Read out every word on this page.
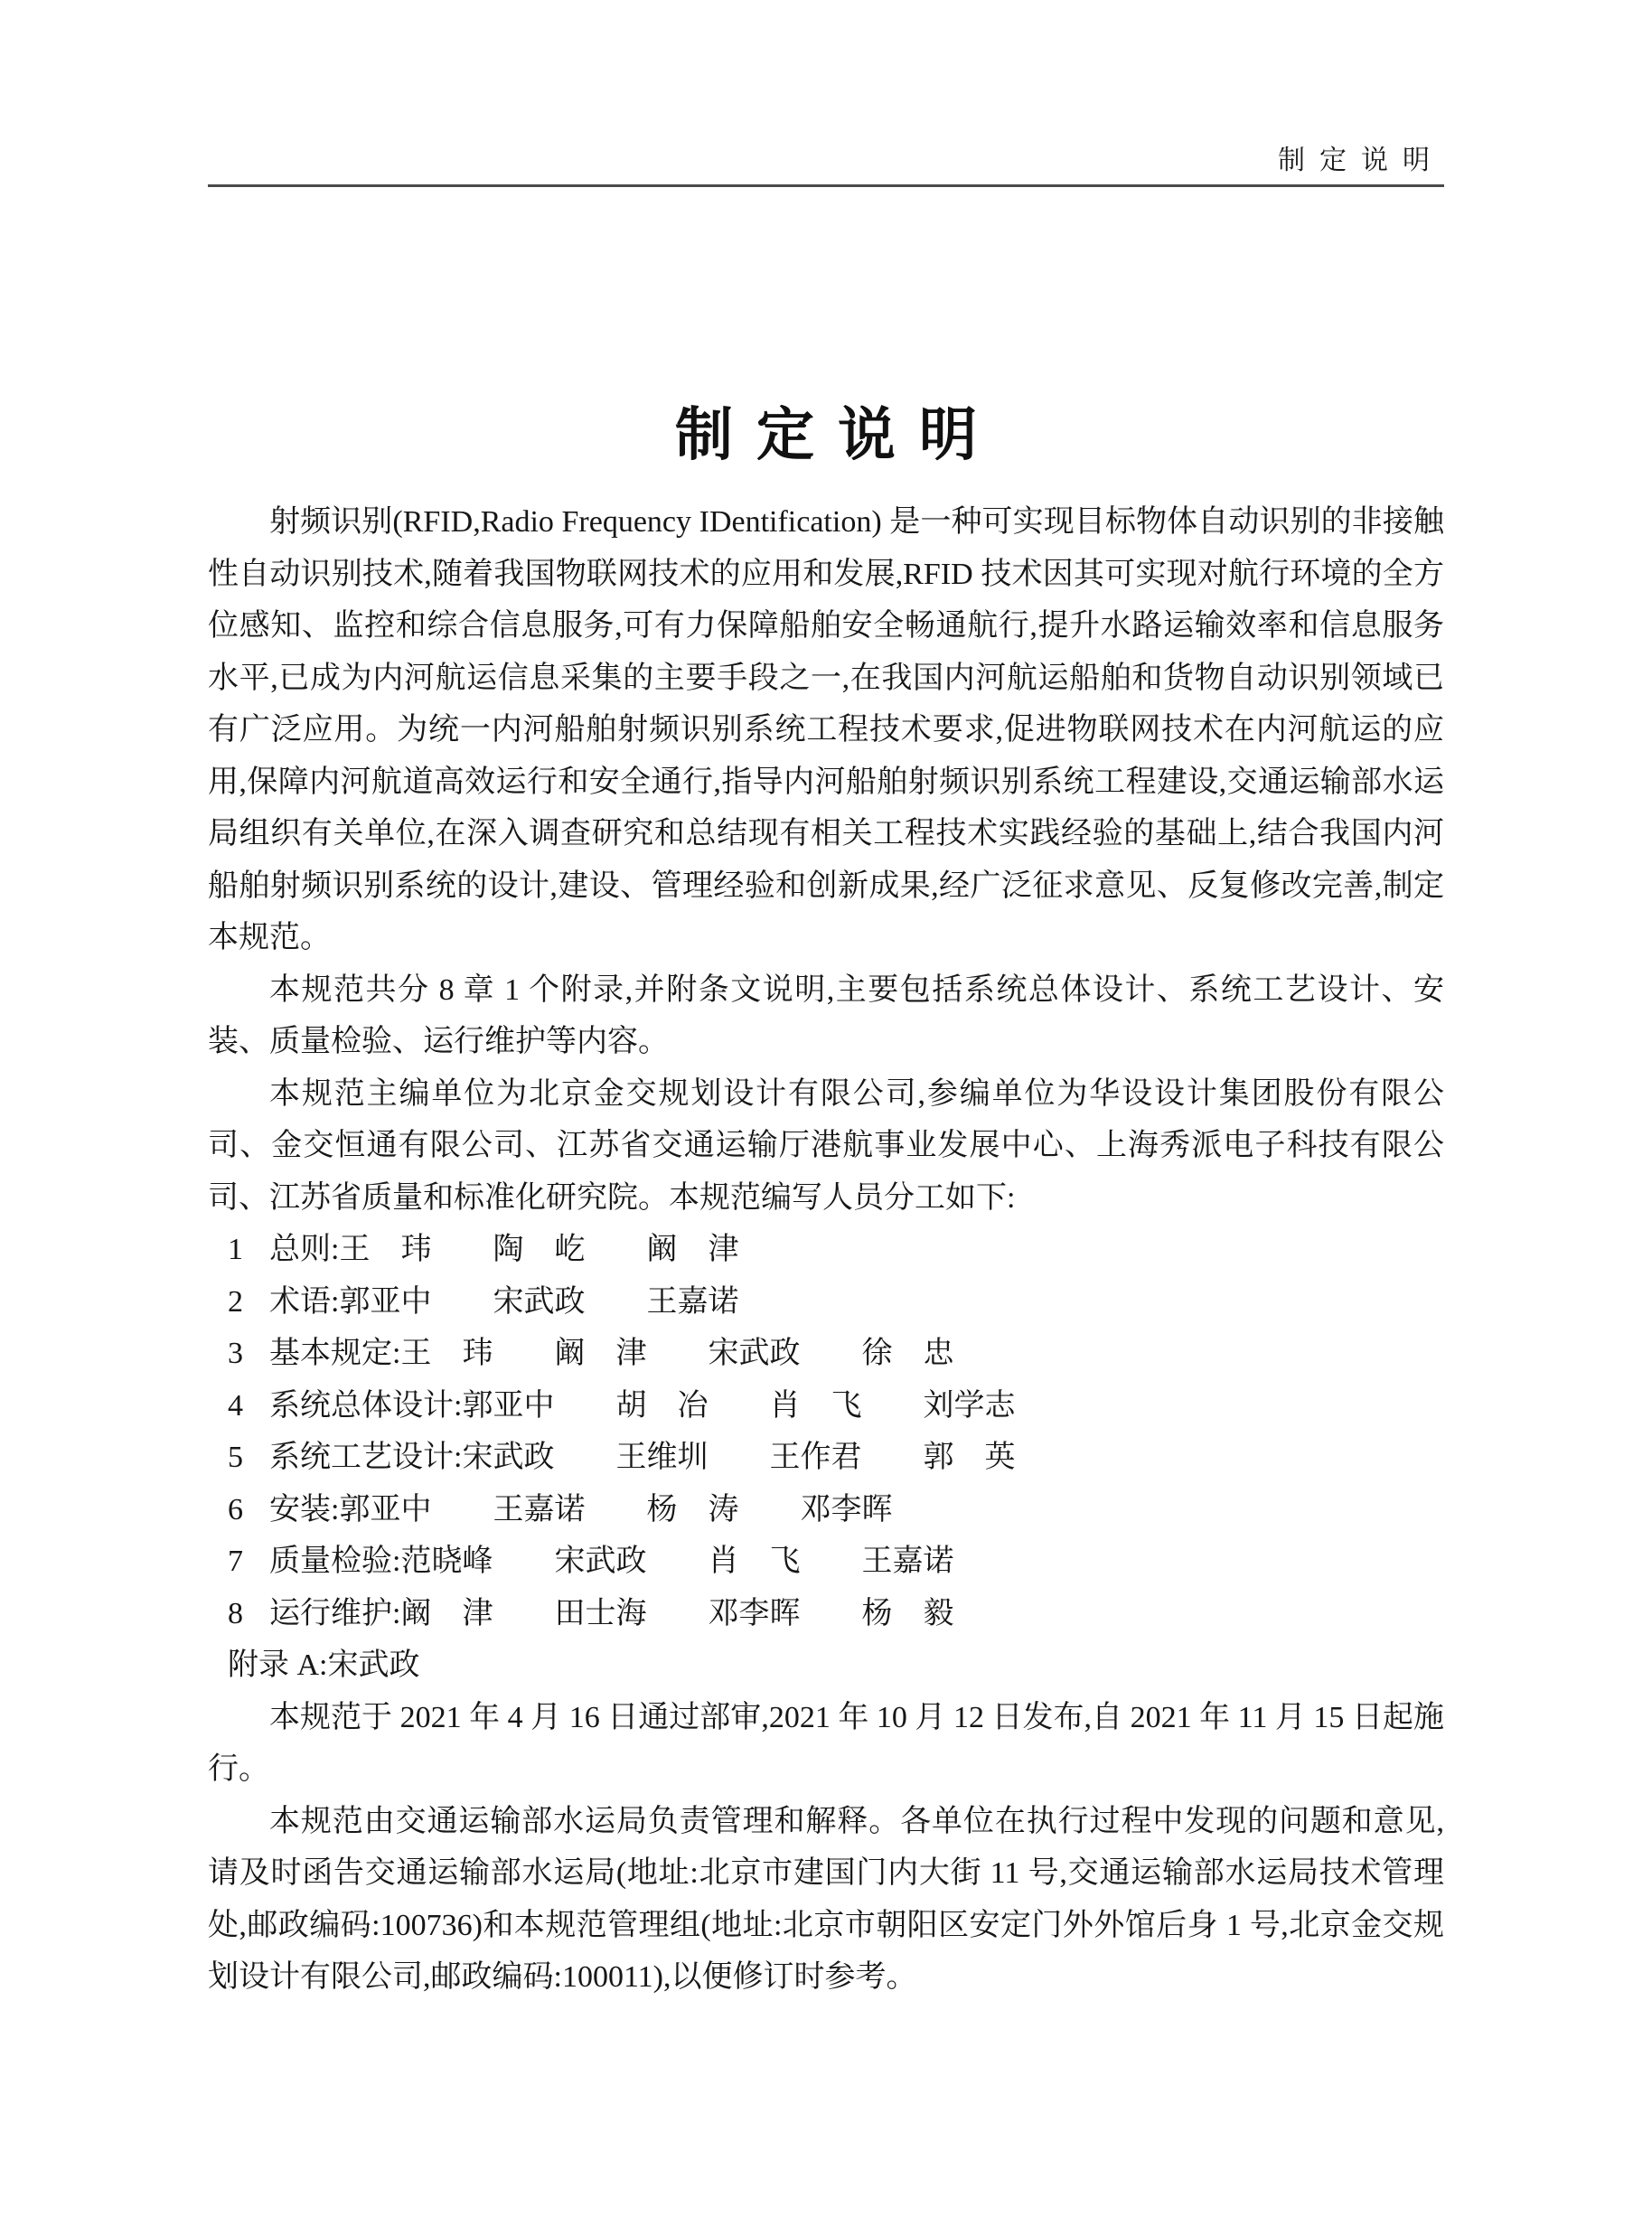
制定说明
制定说明

射频识别(RFID,Radio Frequency IDentification) 是一种可实现目标物体自动识别的非接触性自动识别技术,随着我国物联网技术的应用和发展,RFID 技术因其可实现对航行环境的全方位感知、监控和综合信息服务,可有力保障船舶安全畅通航行,提升水路运输效率和信息服务水平,已成为内河航运信息采集的主要手段之一,在我国内河航运船舶和货物自动识别领域已有广泛应用。为统一内河船舶射频识别系统工程技术要求,促进物联网技术在内河航运的应用,保障内河航道高效运行和安全通行,指导内河船舶射频识别系统工程建设,交通运输部水运局组织有关单位,在深入调查研究和总结现有相关工程技术实践经验的基础上,结合我国内河船舶射频识别系统的设计,建设、管理经验和创新成果,经广泛征求意见、反复修改完善,制定本规范。

本规范共分 8 章 1 个附录,并附条文说明,主要包括系统总体设计、系统工艺设计、安装、质量检验、运行维护等内容。

本规范主编单位为北京金交规划设计有限公司,参编单位为华设设计集团股份有限公司、金交恒通有限公司、江苏省交通运输厅港航事业发展中心、上海秀派电子科技有限公司、江苏省质量和标准化研究院。本规范编写人员分工如下:

1 总则:王　玮　　陶　屹　　阚　津
2 术语:郭亚中　　宋武政　　王嘉诺
3 基本规定:王　玮　　阚　津　　宋武政　　徐　忠
4 系统总体设计:郭亚中　　胡　冶　　肖　飞　　刘学志
5 系统工艺设计:宋武政　　王维圳　　王作君　　郭　英
6 安装:郭亚中　　王嘉诺　　杨　涛　　邓李晖
7 质量检验:范晓峰　　宋武政　　肖　飞　　王嘉诺
8 运行维护:阚　津　　田士海　　邓李晖　　杨　毅

附录 A:宋武政

本规范于 2021 年 4 月 16 日通过部审,2021 年 10 月 12 日发布,自 2021 年 11 月 15 日起施行。

本规范由交通运输部水运局负责管理和解释。各单位在执行过程中发现的问题和意见,请及时函告交通运输部水运局(地址:北京市建国门内大街 11 号,交通运输部水运局技术管理处,邮政编码:100736)和本规范管理组(地址:北京市朝阳区安定门外外馆后身 1 号,北京金交规划设计有限公司,邮政编码:100011),以便修订时参考。
